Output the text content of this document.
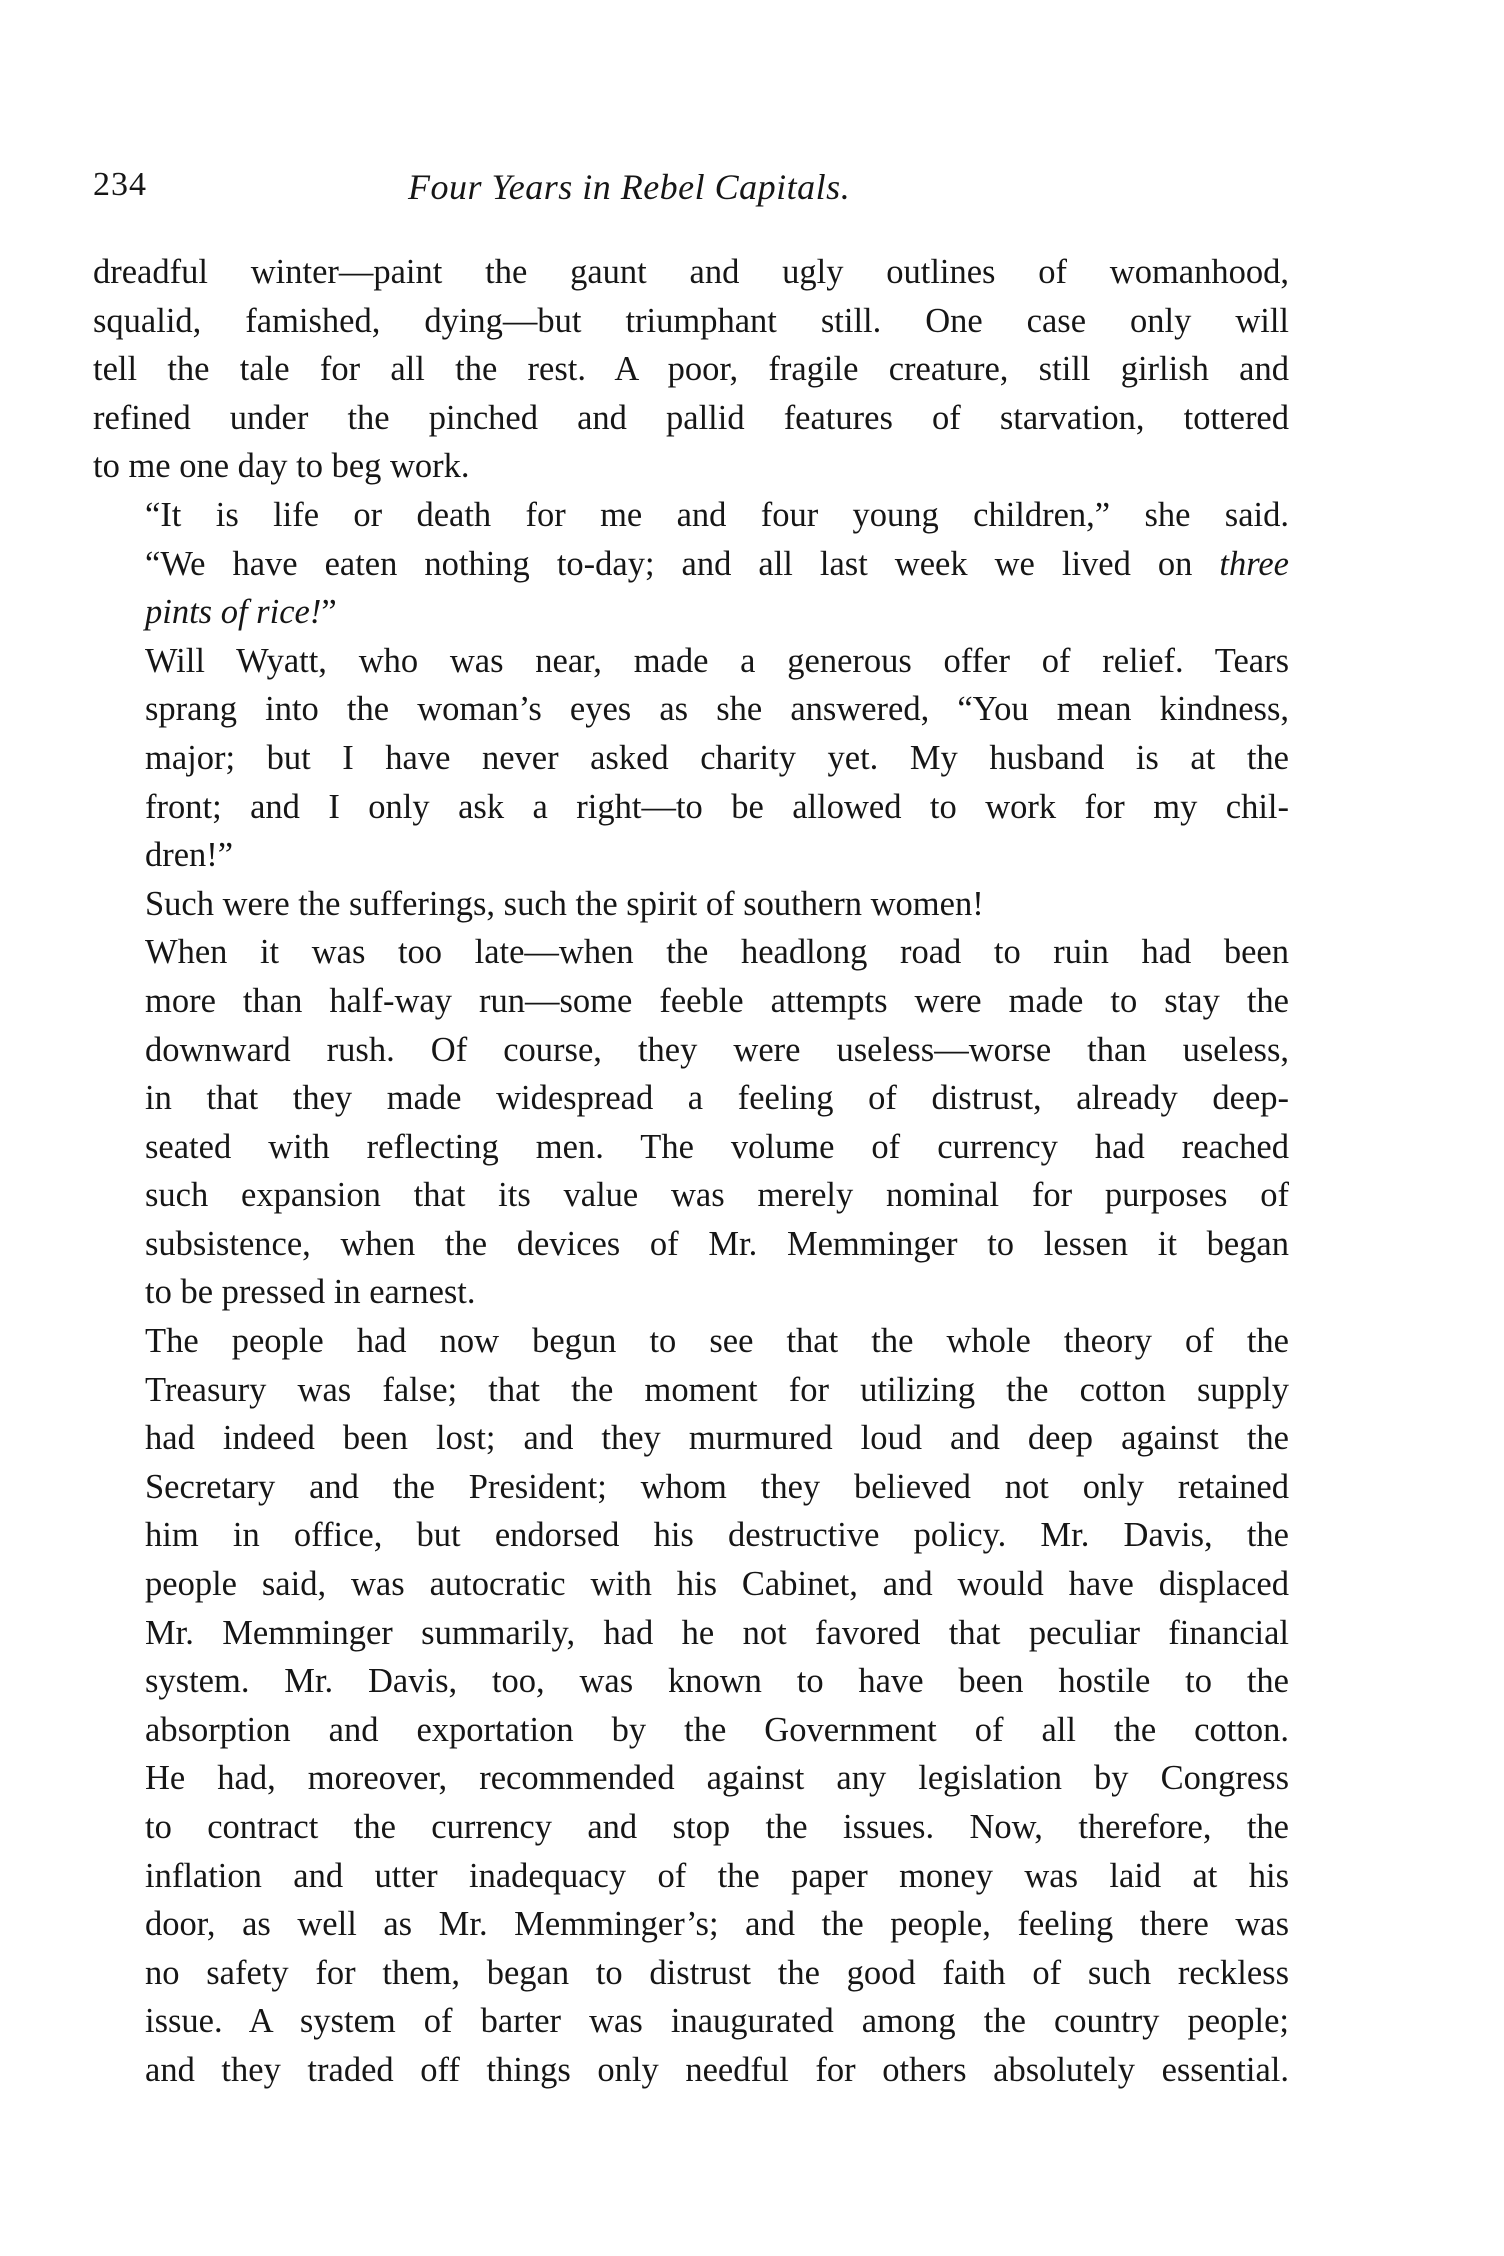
234	Four Years in Rebel Capitals.

dreadful winter—paint the gaunt and ugly outlines of womanhood,
squalid, famished, dying—but triumphant still. One case only will
tell the tale for all the rest. A poor, fragile creature, still girlish and
refined under the pinched and pallid features of starvation, tottered
to me one day to beg work.

“It is life or death for me and four young children,” she said.
“We have eaten nothing to-day; and all last week we lived on three
pints of rice!”

Will Wyatt, who was near, made a generous offer of relief. Tears
sprang into the woman’s eyes as she answered, “You mean kindness,
major; but I have never asked charity yet. My husband is at the
front; and I only ask a right—to be allowed to work for my chil-
dren!”

Such were the sufferings, such the spirit of southern women!

When it was too late—when the headlong road to ruin had been
more than half-way run—some feeble attempts were made to stay the
downward rush. Of course, they were useless—worse than useless,
in that they made widespread a feeling of distrust, already deep-
seated with reflecting men. The volume of currency had reached
such expansion that its value was merely nominal for purposes of
subsistence, when the devices of Mr. Memminger to lessen it began
to be pressed in earnest.

The people had now begun to see that the whole theory of the
Treasury was false; that the moment for utilizing the cotton supply
had indeed been lost; and they murmured loud and deep against the
Secretary and the President; whom they believed not only retained
him in office, but endorsed his destructive policy. Mr. Davis, the
people said, was autocratic with his Cabinet, and would have displaced
Mr. Memminger summarily, had he not favored that peculiar financial
system. Mr. Davis, too, was known to have been hostile to the
absorption and exportation by the Government of all the cotton.
He had, moreover, recommended against any legislation by Congress
to contract the currency and stop the issues. Now, therefore, the
inflation and utter inadequacy of the paper money was laid at his
door, as well as Mr. Memminger’s; and the people, feeling there was
no safety for them, began to distrust the good faith of such reckless
issue. A system of barter was inaugurated among the country people;
and they traded off things only needful for others absolutely essential.
